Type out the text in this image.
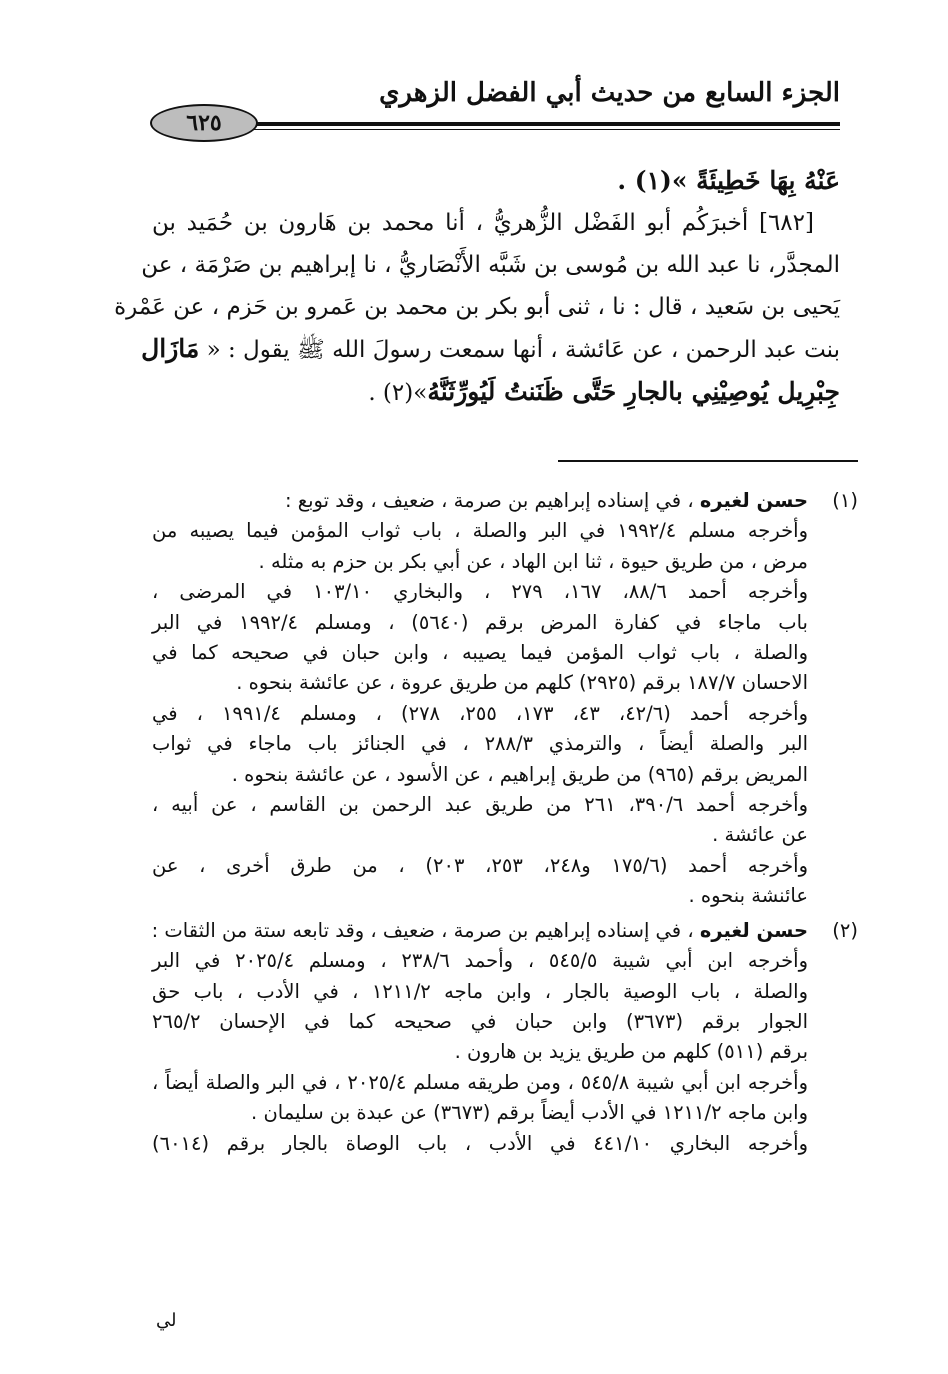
الجزء السابع من حديث أبي الفضل الزهري
٦٢٥
عَنْهُ بِهَا خَطِيئَةً »(١) .
[٦٨٢] أخبرَكُم أبو الفَضْل الزُّهريُّ ، أنا محمد بن هَارون بن حُمَيد بن
المجدَّر، نا عبد الله بن مُوسى بن شَبَّه الأَنْصَاريُّ ، نا إبراهيم بن صَرْمَة ، عن
يَحيى بن سَعيد ، قال : نا ، ثنى أبو بكر بن محمد بن عَمرو بن حَزم ، عن عَمْرة
بنت عبد الرحمن ، عن عَائشة ، أنها سمعت رسولَ الله ﷺ يقول : « مَازَال
جِبْرِيل يُوصِيْنِي بالجارِ حَتَّى ظَنَنتُ لَيُورِّثَنَّهُ»(٢) .
(١)
حسن لغيره ، في إسناده إبراهيم بن صرمة ، ضعيف ، وقد توبع :
وأخرجه مسلم ١٩٩٢/٤ في البر والصلة ، باب ثواب المؤمن فيما يصيبه من
مرض ، من طريق حيوة ، ثنا ابن الهاد ، عن أبي بكر بن حزم به مثله .
وأخرجه أحمد ٨٨/٦، ١٦٧، ٢٧٩ ، والبخاري ١٠٣/١٠ في المرضى ،
باب ماجاء في كفارة المرض برقم (٥٦٤٠) ، ومسلم ١٩٩٢/٤ في البر
والصلة ، باب ثواب المؤمن فيما يصيبه ، وابن حبان في صحيحه كما في
الاحسان ١٨٧/٧ برقم (٢٩٢٥) كلهم من طريق عروة ، عن عائشة بنحوه .
وأخرجه أحمد (٤٢/٦، ٤٣، ١٧٣، ٢٥٥، ٢٧٨) ، ومسلم ١٩٩١/٤ ، في
البر والصلة أيضاً ، والترمذي ٢٨٨/٣ ، في الجنائز باب ماجاء في ثواب
المريض برقم (٩٦٥) من طريق إبراهيم ، عن الأسود ، عن عائشة بنحوه .
وأخرجه أحمد ٣٩٠/٦، ٢٦١ من طريق عبد الرحمن بن القاسم ، عن أبيه ،
عن عائشة .
وأخرجه أحمد (١٧٥/٦ و٢٤٨، ٢٥٣، ٢٠٣) ، من طرق أخرى ، عن
عائنشة بنحوه .
(٢)
حسن لغيره ، في إسناده إبراهيم بن صرمة ، ضعيف ، وقد تابعه ستة من الثقات :
وأخرجه ابن أبي شيبة ٥٤٥/٥ ، وأحمد ٢٣٨/٦ ، ومسلم ٢٠٢٥/٤ في البر
والصلة ، باب الوصية بالجار ، وابن ماجه ١٢١١/٢ ، في الأدب ، باب حق
الجوار برقم (٣٦٧٣) وابن حبان في صحيحه كما في الإحسان ٢٦٥/٢
برقم (٥١١) كلهم من طريق يزيد بن هارون .
وأخرجه ابن أبي شيبة ٥٤٥/٨ ، ومن طريقه مسلم ٢٠٢٥/٤ ، في البر والصلة أيضاً ،
وابن ماجه ١٢١١/٢ في الأدب أيضاً برقم (٣٦٧٣) عن عبدة بن سليمان .
وأخرجه البخاري ٤٤١/١٠ في الأدب ، باب الوصاة بالجار برقم (٦٠١٤)
لي
